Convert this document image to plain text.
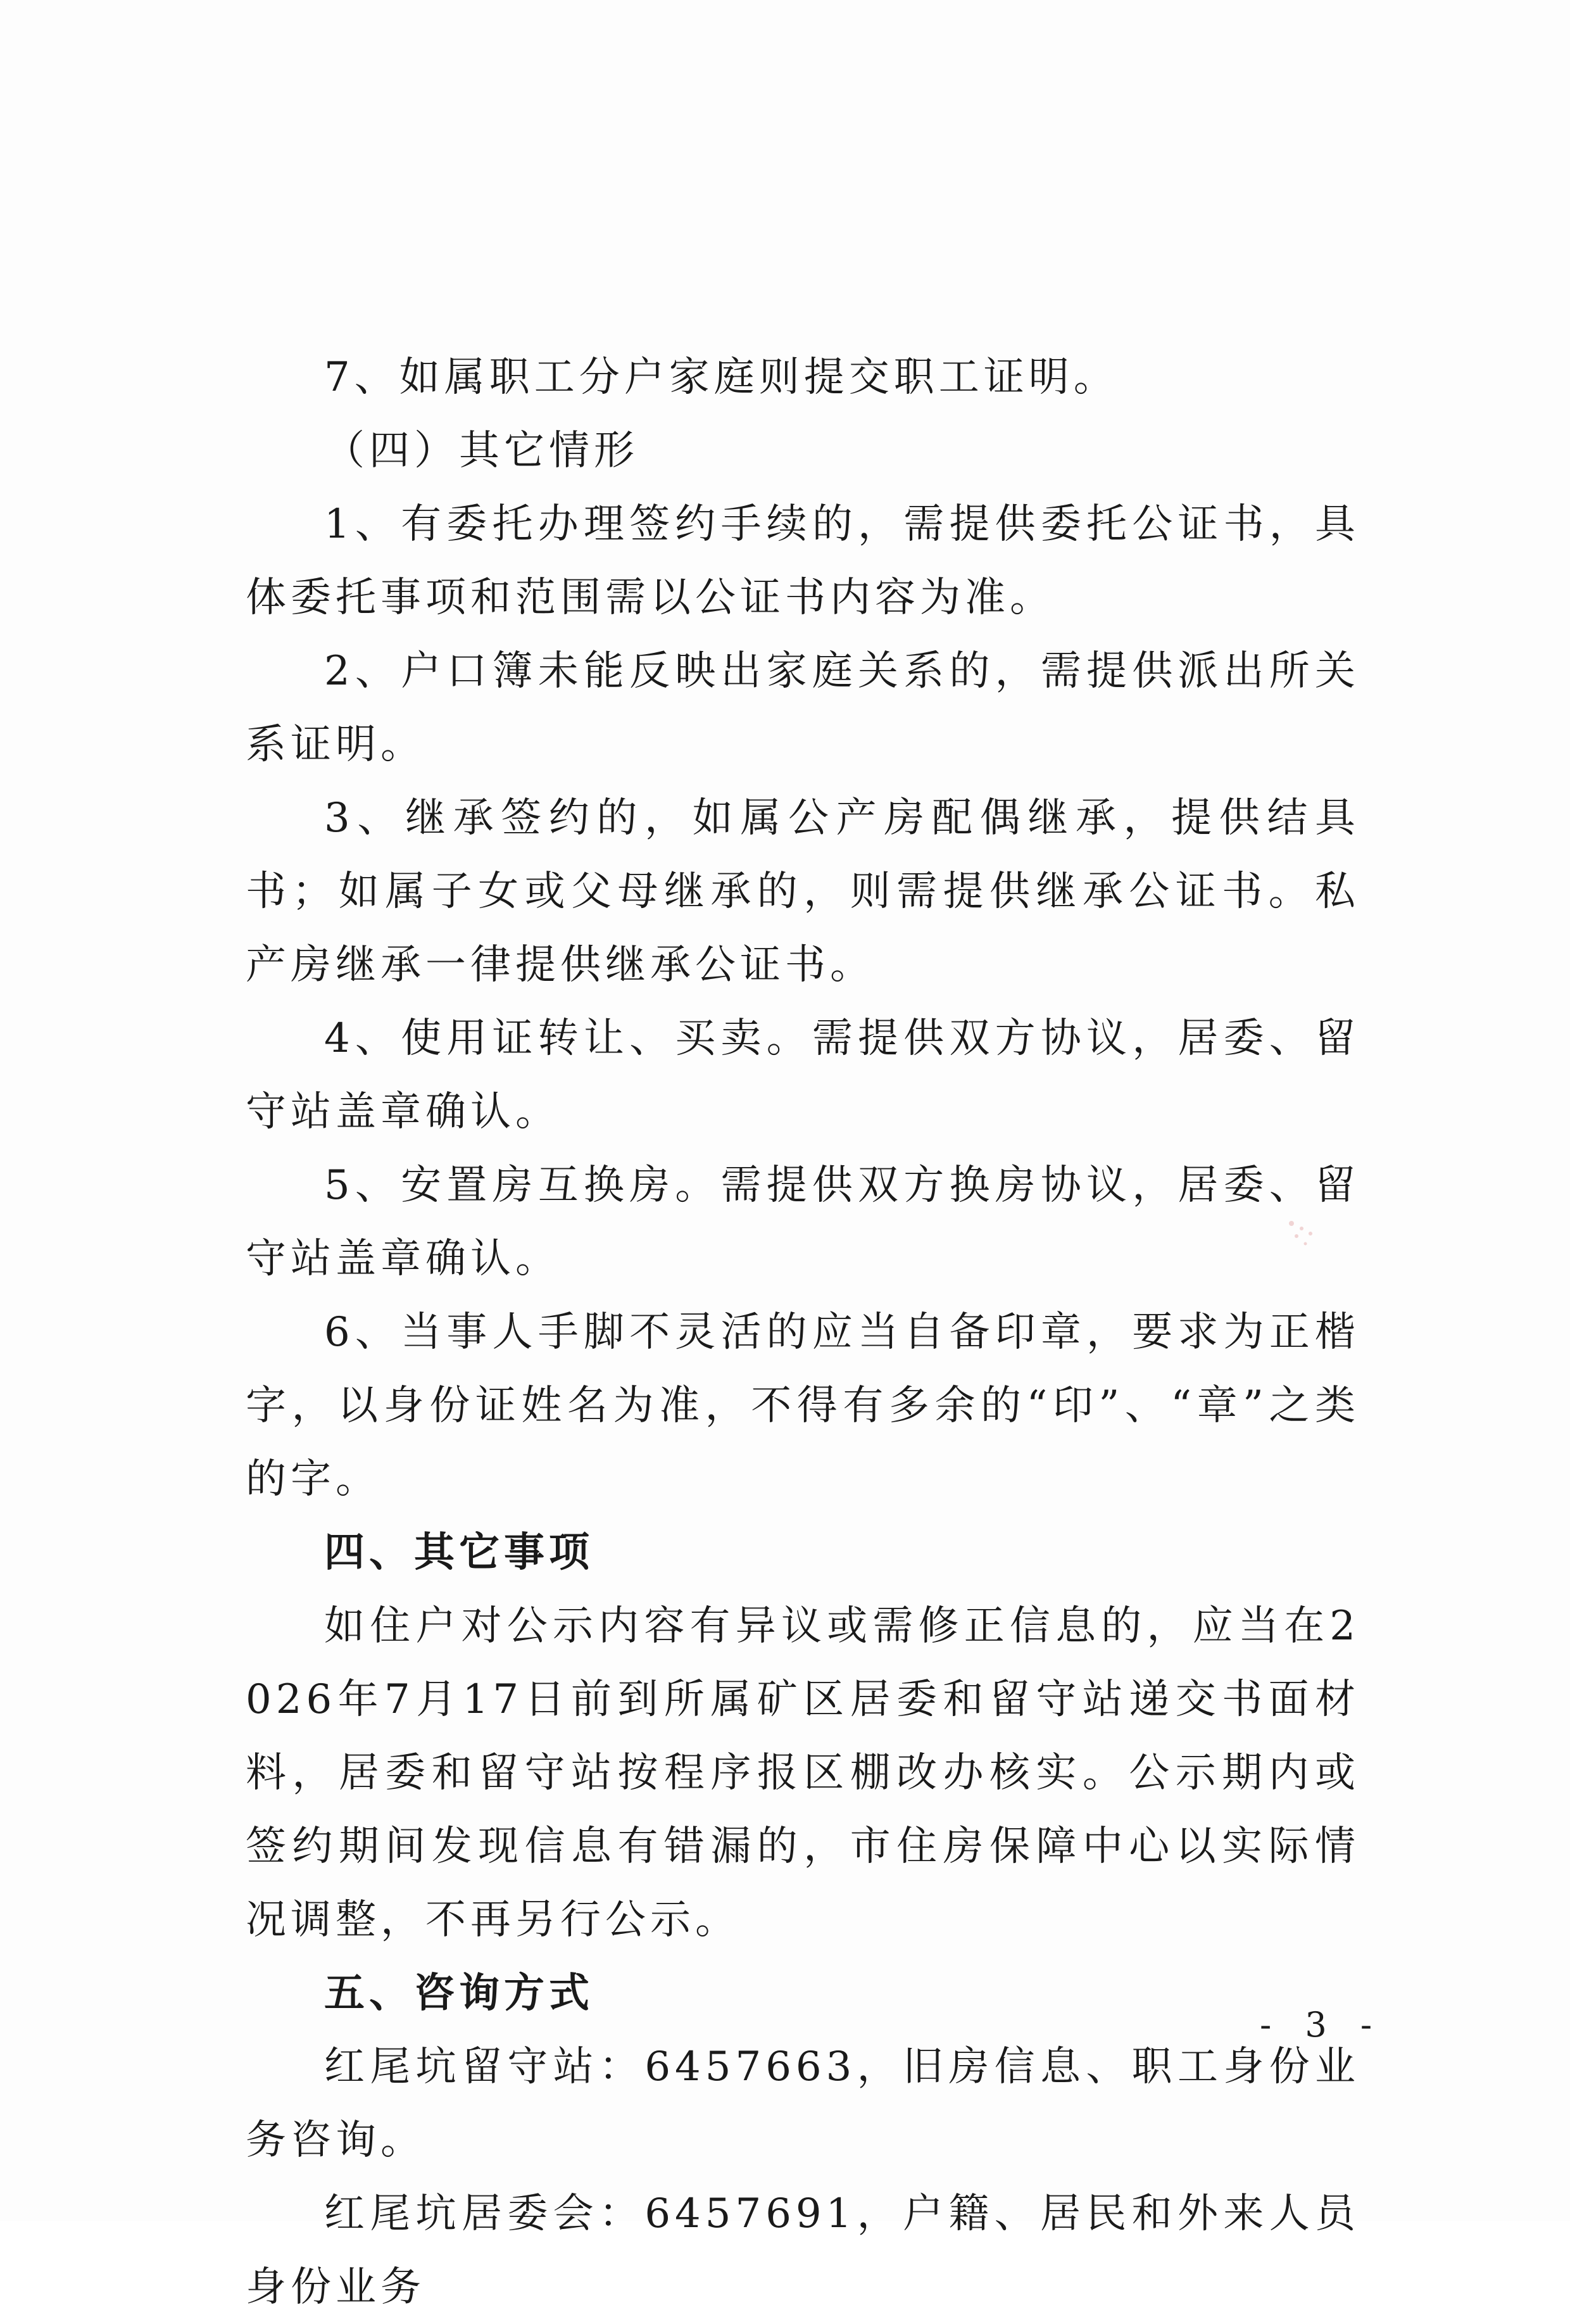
7、如属职工分户家庭则提交职工证明。

（四）其它情形

1、有委托办理签约手续的，需提供委托公证书，具体委托事项和范围需以公证书内容为准。

2、户口簿未能反映出家庭关系的，需提供派出所关系证明。

3、继承签约的，如属公产房配偶继承，提供结具书；如属子女或父母继承的，则需提供继承公证书。私产房继承一律提供继承公证书。

4、使用证转让、买卖。需提供双方协议，居委、留守站盖章确认。

5、安置房互换房。需提供双方换房协议，居委、留守站盖章确认。

6、当事人手脚不灵活的应当自备印章，要求为正楷字，以身份证姓名为准，不得有多余的“印”、“章”之类的字。

四、其它事项

如住户对公示内容有异议或需修正信息的，应当在2026年7月17日前到所属矿区居委和留守站递交书面材料，居委和留守站按程序报区棚改办核实。公示期内或签约期间发现信息有错漏的，市住房保障中心以实际情况调整，不再另行公示。

五、咨询方式

红尾坑留守站：6457663，旧房信息、职工身份业务咨询。

红尾坑居委会：6457691，户籍、居民和外来人员身份业务

- 3 -
